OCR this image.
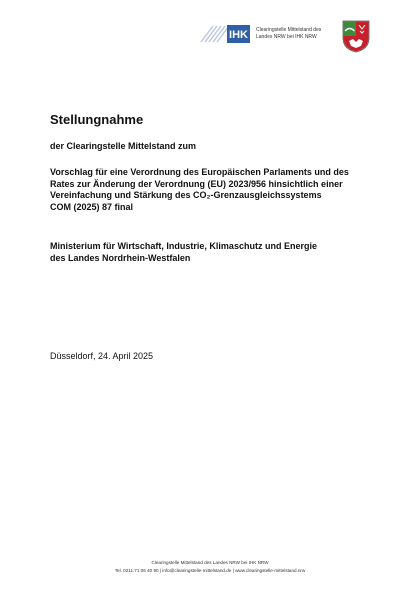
IHK Clearingstelle Mittelstand des
Landes NRW bei IHK NRW
Stellungnahme
der Clearingstelle Mittelstand zum
Vorschlag für eine Verordnung des Europäischen Parlaments und des
Rates zur Änderung der Verordnung (EU) 2023/956 hinsichtlich einer
Vereinfachung und Stärkung des CO₂-Grenzausgleichssystems
COM (2025) 87 final
Ministerium für Wirtschaft, Industrie, Klimaschutz und Energie
des Landes Nordrhein-Westfalen
Düsseldorf, 24. April 2025
Clearingstelle Mittelstand des Landes NRW bei IHK NRW
Tel. 0211.71 06 40 90 | info@clearingstelle-mittelstand.de | www.clearingstelle-mittelstand.nrw
